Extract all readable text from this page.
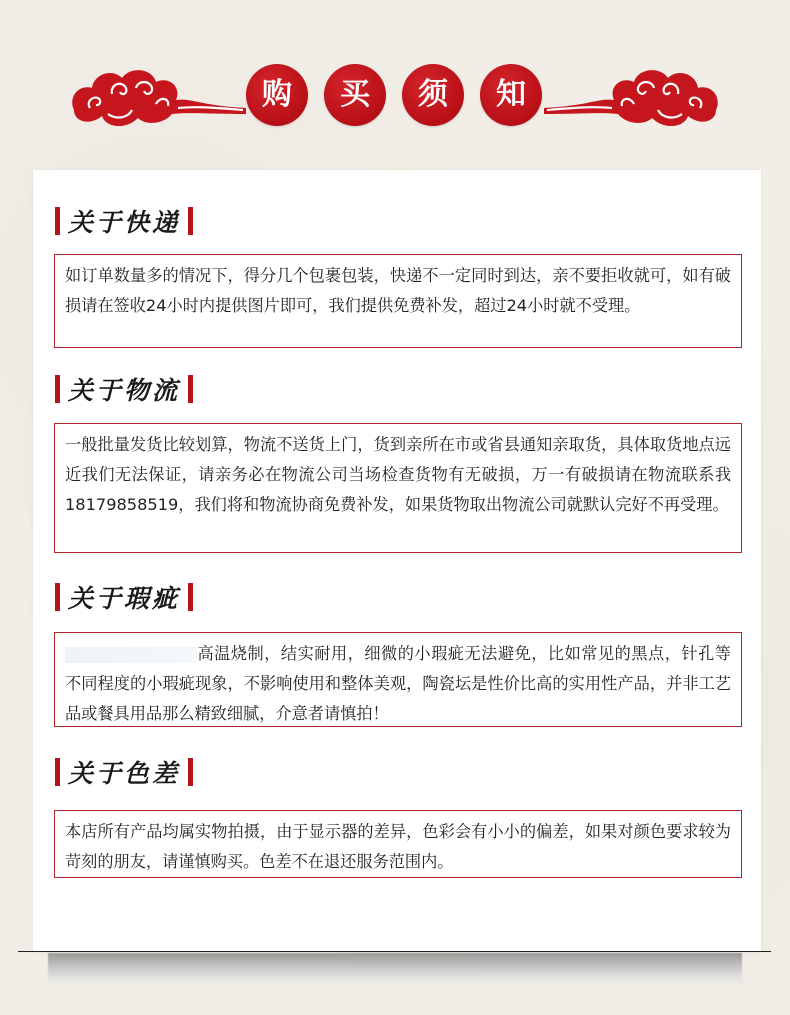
购	买	须	知
关于快递
如订单数量多的情况下，得分几个包裹包装，快递不一定同时到达，亲不要拒收就可，如有破损请在签收24小时内提供图片即可，我们提供免费补发，超过24小时就不受理。
关于物流
一般批量发货比较划算，物流不送货上门，货到亲所在市或省县通知亲取货，具体取货地点远近我们无法保证，请亲务必在物流公司当场检查货物有无破损，万一有破损请在物流联系我18179858519，我们将和物流协商免费补发，如果货物取出物流公司就默认完好不再受理。
关于瑕疵
高温烧制，结实耐用，细微的小瑕疵无法避免，比如常见的黑点，针孔等不同程度的小瑕疵现象，不影响使用和整体美观，陶瓷坛是性价比高的实用性产品，并非工艺品或餐具用品那么精致细腻，介意者请慎拍！
关于色差
本店所有产品均属实物拍摄，由于显示器的差异，色彩会有小小的偏差，如果对颜色要求较为苛刻的朋友，请谨慎购买。色差不在退还服务范围内。
